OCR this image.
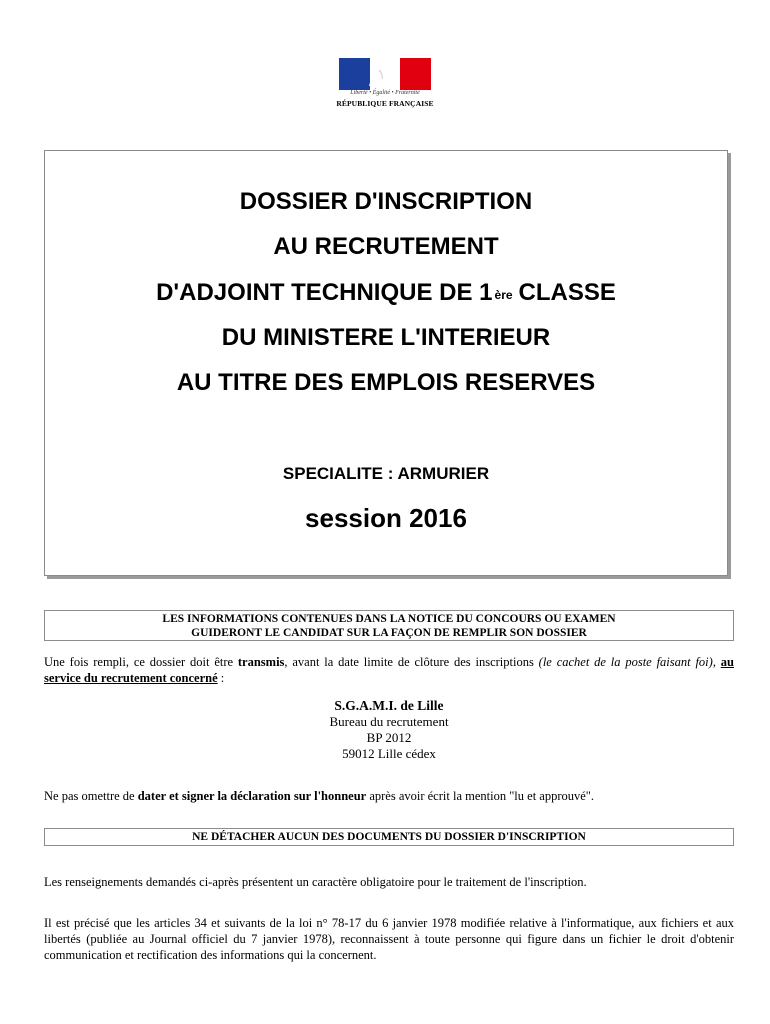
Liberté • Égalité • Fraternité
RÉPUBLIQUE FRANÇAISE
DOSSIER D'INSCRIPTION
AU RECRUTEMENT
D'ADJOINT TECHNIQUE DE 1 $^{ère}$ CLASSE
DU MINISTERE L'INTERIEUR
AU TITRE DES EMPLOIS RESERVES
SPECIALITE : ARMURIER
session 2016
LES INFORMATIONS CONTENUES DANS LA NOTICE DU CONCOURS OU EXAMEN
GUIDERONT LE CANDIDAT SUR LA FAÇON DE REMPLIR SON DOSSIER
Une fois rempli, ce dossier doit être transmis, avant la date limite de clôture des inscriptions (le cachet de la poste faisant foi), au service du recrutement concerné :
S.G.A.M.I. de Lille
Bureau du recrutement
BP 2012
59012 Lille cédex
Ne pas omettre de dater et signer la déclaration sur l'honneur après avoir écrit la mention "lu et approuvé".
NE DÉTACHER AUCUN DES DOCUMENTS DU DOSSIER D'INSCRIPTION
Les renseignements demandés ci-après présentent un caractère obligatoire pour le traitement de l'inscription.
Il est précisé que les articles 34 et suivants de la loi n° 78-17 du 6 janvier 1978 modifiée relative à l'informatique, aux fichiers et aux libertés (publiée au Journal officiel du 7 janvier 1978), reconnaissent à toute personne qui figure dans un fichier le droit d'obtenir communication et rectification des informations qui la concernent.
